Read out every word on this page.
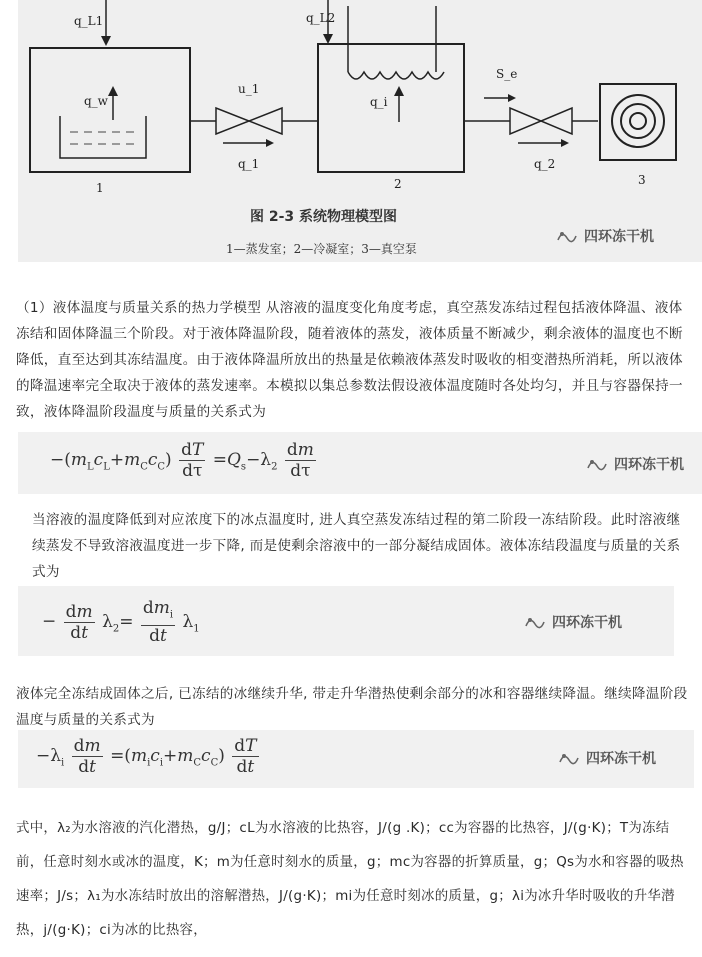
q_L1
q_w
u_1
q_1
q_L2
q_i
S_e
q_2
1	2	3
图 2-3 系统物理模型图
1—蒸发室；2—冷凝室；3—真空泵
四环冻干机
（1）液体温度与质量关系的热力学模型 从溶液的温度变化角度考虑，真空蒸发冻结过程包括液体降温、液体冻结和固体降温三个阶段。对于液体降温阶段，随着液体的蒸发，液体质量不断减少，剩余液体的温度也不断降低，直至达到其冻结温度。由于液体降温所放出的热量是依赖液体蒸发时吸收的相变潜热所消耗，所以液体的降温速率完全取决于液体的蒸发速率。本模拟以集总参数法假设液体温度随时各处均匀，并且与容器保持一致，液体降温阶段温度与质量的关系式为
$-(m_Lc_L+m_Cc_C) \frac{dT}{d\tau} =Q_s-\lambda_2 \frac{dm}{d\tau}$	四环冻干机
当溶液的温度降低到对应浓度下的冰点温度时, 进人真空蒸发冻结过程的第二阶段一冻结阶段。此时溶液继续蒸发不导致溶液温度进一步下降, 而是使剩余溶液中的一部分凝结成固体。液体冻结段温度与质量的关系式为
− $\frac{dm}{dt} \lambda_2= \frac{dm_i}{dt} \lambda_1$	四环冻干机
液体完全冻结成固体之后, 已冻结的冰继续升华, 带走升华潜热使剩余部分的冰和容器继续降温。继续降温阶段温度与质量的关系式为
$-\lambda_i \frac{dm}{dt} =(m_ic_i+m_Cc_C) \frac{dT}{dt}$	四环冻干机
式中，λ₂为水溶液的汽化潜热，g/J；cL为水溶液的比热容，J/(g .K)；cc为容器的比热容，J/(g·K)；T为冻结前，任意时刻水或冰的温度，K；m为任意时刻水的质量，g；mc为容器的折算质量，g；Qs为水和容器的吸热速率；J/s；λ₁为水冻结时放出的溶解潜热，J/(g·K)；mi为任意时刻冰的质量，g；λi为冰升华时吸收的升华潜热，j/(g·K)；ci为冰的比热容，
